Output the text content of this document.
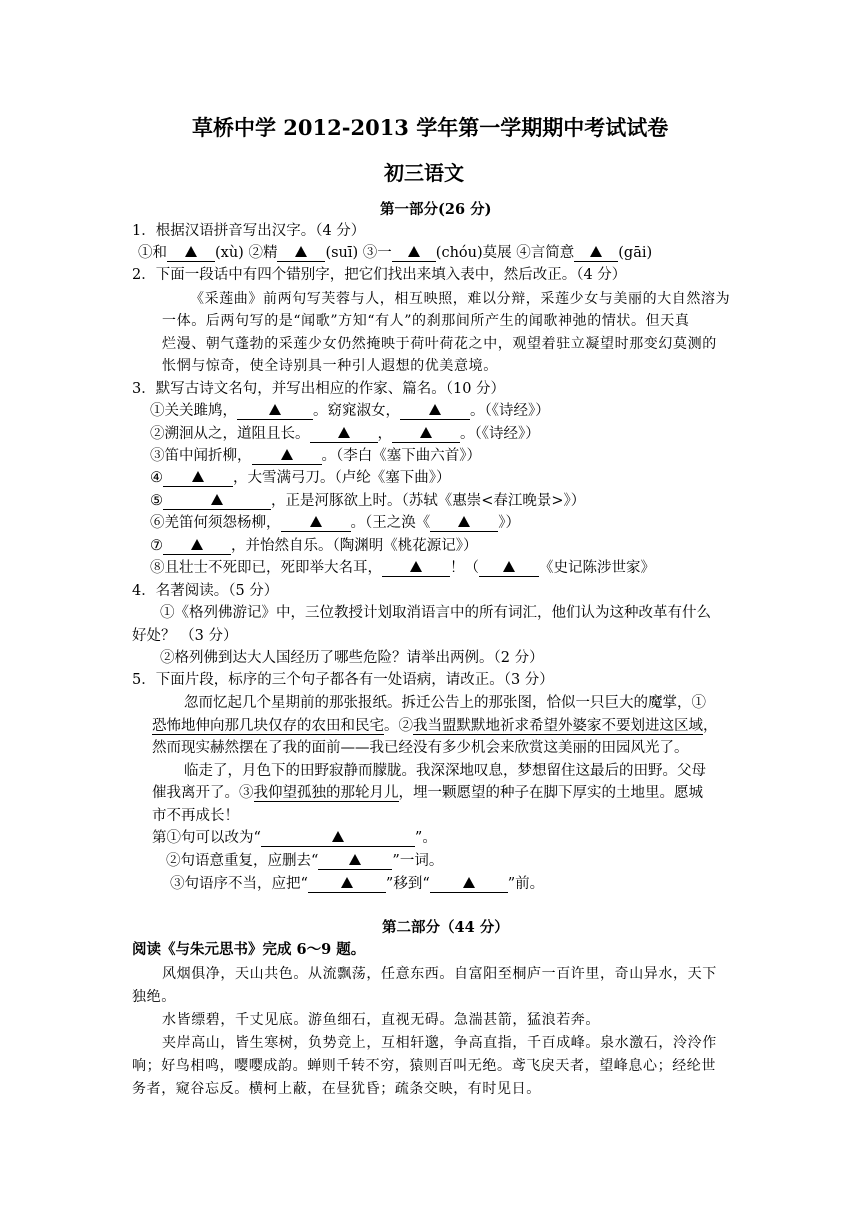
草桥中学 2012-2013 学年第一学期期中考试试卷
初三语文
第一部分(26 分)
1．根据汉语拼音写出汉字。（4 分）
①和	(xù) ②精	(suī) ③一	(chóu)莫展 ④言简意	(gāi)
2．下面一段话中有四个错别字，把它们找出来填入表中，然后改正。（4 分）
《采莲曲》前两句写芙蓉与人，相互映照，难以分辩，采莲少女与美丽的大自然溶为
一体。后两句写的是“闻歌”方知“有人”的刹那间所产生的闻歌神弛的情状。但天真
烂漫、朝气蓬勃的采莲少女仍然掩映于荷叶荷花之中，观望着驻立凝望时那变幻莫测的
怅惘与惊奇，使全诗别具一种引人遐想的优美意境。
3．默写古诗文名句，并写出相应的作家、篇名。（10 分）
①关关雎鸠，	。窈窕淑女，	。（《诗经》）
②溯洄从之，道阻且长。	，	。（《诗经》）
③笛中闻折柳，	。（李白《塞下曲六首》）
④	，大雪满弓刀。（卢纶《塞下曲》）
⑤	，正是河豚欲上时。（苏轼《惠崇<春江晚景>》）
⑥羌笛何须怨杨柳，	。（王之涣《	》）
⑦	，并怡然自乐。（陶渊明《桃花源记》）
⑧且壮士不死即已，死即举大名耳，	！（	《史记陈涉世家》
4．名著阅读。（5 分）
①《格列佛游记》中，三位教授计划取消语言中的所有词汇，他们认为这种改革有什么
好处？ （3 分）
②格列佛到达大人国经历了哪些危险？请举出两例。（2 分）
5．下面片段，标序的三个句子都各有一处语病，请改正。（3 分）
忽而忆起几个星期前的那张报纸。拆迁公告上的那张图，恰似一只巨大的魔掌，①
恐怖地伸向那几块仅存的农田和民宅。②我当盟默默地祈求希望外婆家不要划进这区域，
然而现实赫然摆在了我的面前——我已经没有多少机会来欣赏这美丽的田园风光了。
临走了，月色下的田野寂静而朦胧。我深深地叹息，梦想留住这最后的田野。父母
催我离开了。③我仰望孤独的那轮月儿，埋一颗愿望的种子在脚下厚实的土地里。愿城
市不再成长！
第①句可以改为“	”。
②句语意重复，应删去“	”一词。
③句语序不当，应把“	”移到“	”前。
第二部分（44 分）
阅读《与朱元思书》完成 6～9 题。
风烟俱净，天山共色。从流飘荡，任意东西。自富阳至桐庐一百许里，奇山异水，天下
独绝。
水皆缥碧，千丈见底。游鱼细石，直视无碍。急湍甚箭，猛浪若奔。
夹岸高山，皆生寒树，负势竞上，互相轩邈，争高直指，千百成峰。泉水激石，泠泠作
响；好鸟相鸣，嘤嘤成韵。蝉则千转不穷，猿则百叫无绝。鸢飞戾天者，望峰息心；经纶世
务者，窥谷忘反。横柯上蔽，在昼犹昏；疏条交映，有时见日。
